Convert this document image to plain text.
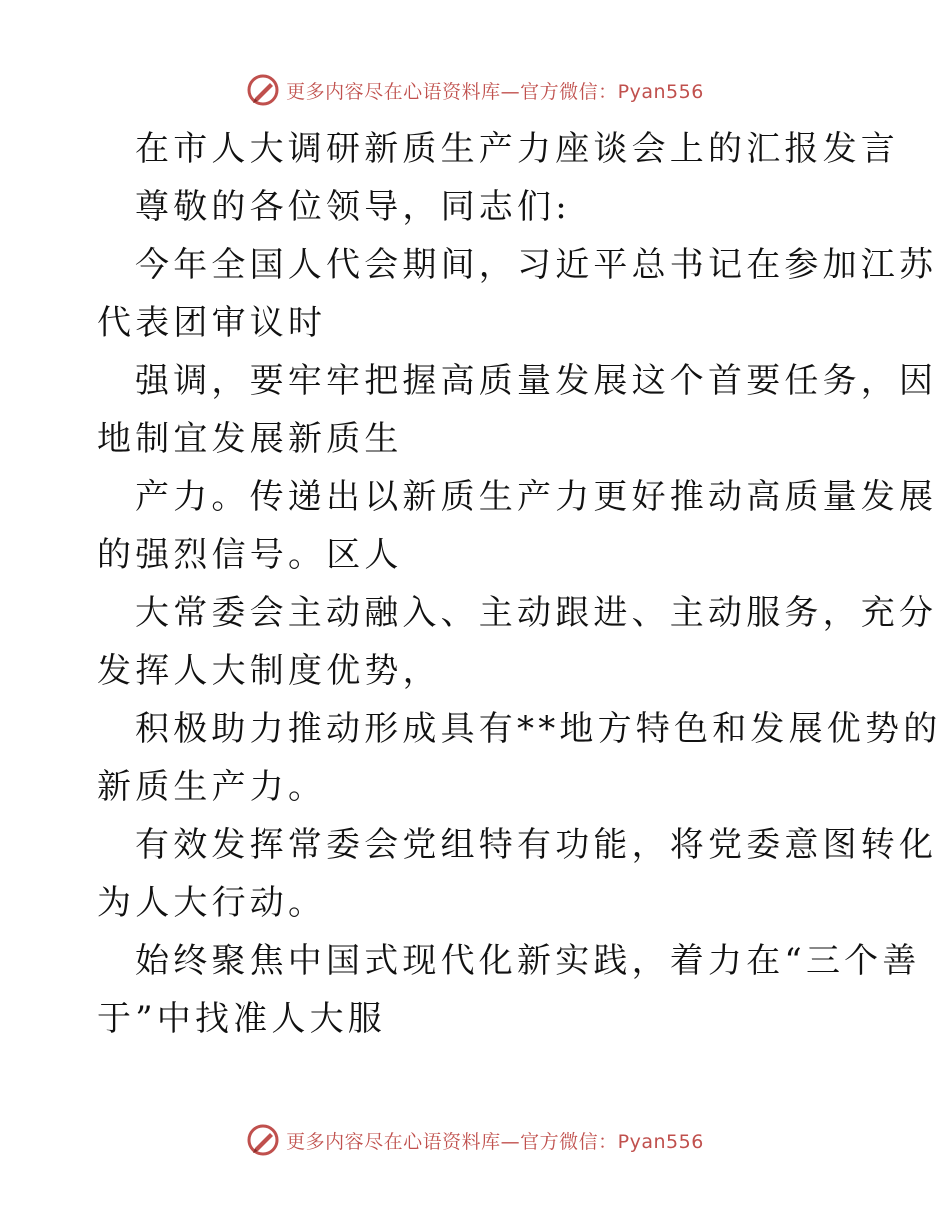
更多内容尽在心语资料库—官方微信：Pyan556
在市人大调研新质生产力座谈会上的汇报发言
尊敬的各位领导，同志们:
今年全国人代会期间，习近平总书记在参加江苏
代表团审议时
强调，要牢牢把握高质量发展这个首要任务，因
地制宜发展新质生
产力。传递出以新质生产力更好推动高质量发展
的强烈信号。区人
大常委会主动融入、主动跟进、主动服务，充分
发挥人大制度优势，
积极助力推动形成具有**地方特色和发展优势的
新质生产力。
有效发挥常委会党组特有功能，将党委意图转化
为人大行动。
始终聚焦中国式现代化新实践，着力在“三个善
于”中找准人大服
更多内容尽在心语资料库—官方微信：Pyan556
